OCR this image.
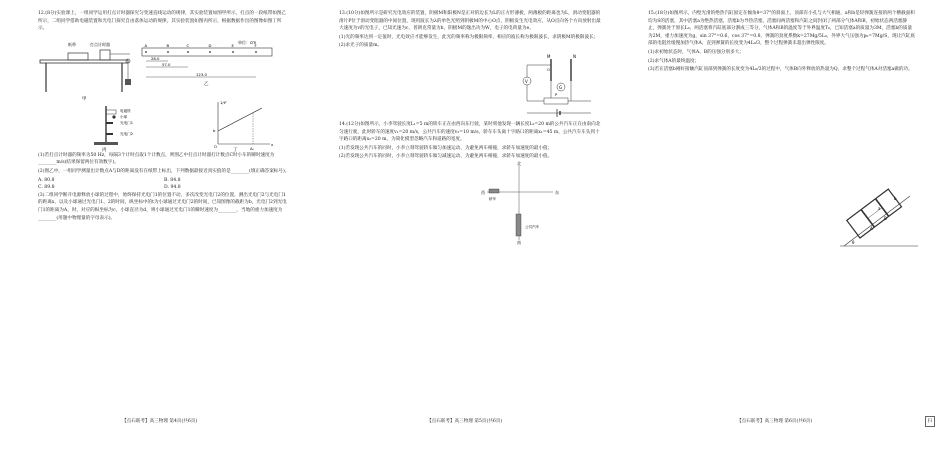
12.(8分)实验课上，一组同学运用打点计时器探究匀变速直线运动的规律，其实验装置如图甲所示，打点的一段纸带如图乙所示，二组同学借助电磁装置和光电门探究自由落体运动的规律，其实验装置如图丙所示，根据数据作出的图像如图丁所示。

纸带	打点计时器
甲
单位：cm
A	B	C	D	E	F
28.0
57.0
123.0
乙
电磁铁
小球
光电门1
光电门2
丙
O	x
1/t²
b
A₀
丁

(1)若打点计时器的频率为50 Hz，每隔3个计时点取1个计数点，则图乙中打点计时器打计数点C时小车的瞬时速度为________m/s(结果保留两位有效数字)。

(2)图乙中，一组同学测量出计数点A与D的距离没有在纸带上标出，下列数据最接近真实值的是________(填正确答案标号)。

A. 80.8	B. 84.8
C. 89.8	D. 94.8

(3)二组同学断开电源释放小球的过程中，始终保持光电门1的位置不动，多次改变光电门2的位置，测出光电门2与光电门1的距离x，以及小球通过光电门1、2的时间，纵坐标中的t为小球通过光电门2的时间，已知图像的截距为b，光电门2到光电门1的距离为A，时，对应的纵坐标为c，小球直径为d，则小球通过光电门1的瞬时速度为________，当地的重力加速度为________(用题中物理量的字母表示)。

13.(10分)如图所示是研究光电效应的装置，阴极M和阳极N是正对的边长为L的正方形薄板，两薄板的距离也为L，滑动变阻器的滑片P位于滑动变阻器的中间位置，现用波长为λ的单色光照到阴极M的中心O点，阴极发生光电效应，从O点向各个方向放射出最大速度为v的光电子，已知光速为c，普朗克常量为h，阴极M的逸出功为W，电子的电荷量为e。

(1)光的频率达到一定值时，光电效应才能够发生，此光的频率称为极限频率，相应的波长称为极限波长，求阴极M的极限波长；

(2)求光子的质量m。

M	N
O
V
G
P

14.(12分)如图所示，小李驾驶长度L₁=5 m的轿车正在由西向东行驶，某时刻他发现一辆长度L₂=20 m的公共汽车正在由南向北匀速行驶，此时轿车的速度v₁=20 m/s，公共汽车的速度v₂=10 m/s，轿车车头离十字路口的距离x₁=45 m，公共汽车车头到十字路口的距离x₂=20 m，为简化模型忽略汽车和道路的宽度。

(1)若发现公共汽车的同时，小李立刻驾驶轿车做匀加速运动，为避免两车相撞，求轿车加速度的最小值；

(2)若发现公共汽车的同时，小李立刻驾驶轿车做匀减速运动，为避免两车相撞，求轿车加速度的最小值。

西	东
北
南
轿车
公共汽车

15.(18分)如图所示，内壁光滑的绝热汽缸固定在倾角θ=37°的斜面上，顶部有小孔与大气相通，a和b是轻弹簧连接的两个横截面积均为S的活塞，其中活塞a为绝热活塞，活塞b为导热活塞，活塞间两活塞和汽缸之间封闭了两部分气体A和B，初始状态两活塞静止，弹簧处于原长L₀，两活塞将汽缸底部分割成三等分，气体A和B的温度等于外界温度T₀，已知活塞a的质量为3M，活塞b的质量为2M，重力加速度为g，sin 37°=0.6，cos 37°=0.8，弹簧的劲度系数k=27Mg/5L₀，外界大气压强为p₀=7Mg/S，现让汽缸底部的电阻丝缓慢加热气体A，直到弹簧的长度变为4L₀/3，整个过程弹簧未超出弹性限度。

(1)求初始状态时，气体A、B的压强分别多大；

(2)求气体A的最终温度；

(3)若在活塞b刚好接触汽缸顶部到弹簧的长度变为4L₀/3的过程中，气体B向外释放的热量为Q，求整个过程气体A对活塞a做的功。

A
B
a
b
θ
【点石联考】高三物理 第4页(共6页)	【点石联考】高三物理 第5页(共6页)	【点石联考】高三物理 第6页(共6页)	扫
